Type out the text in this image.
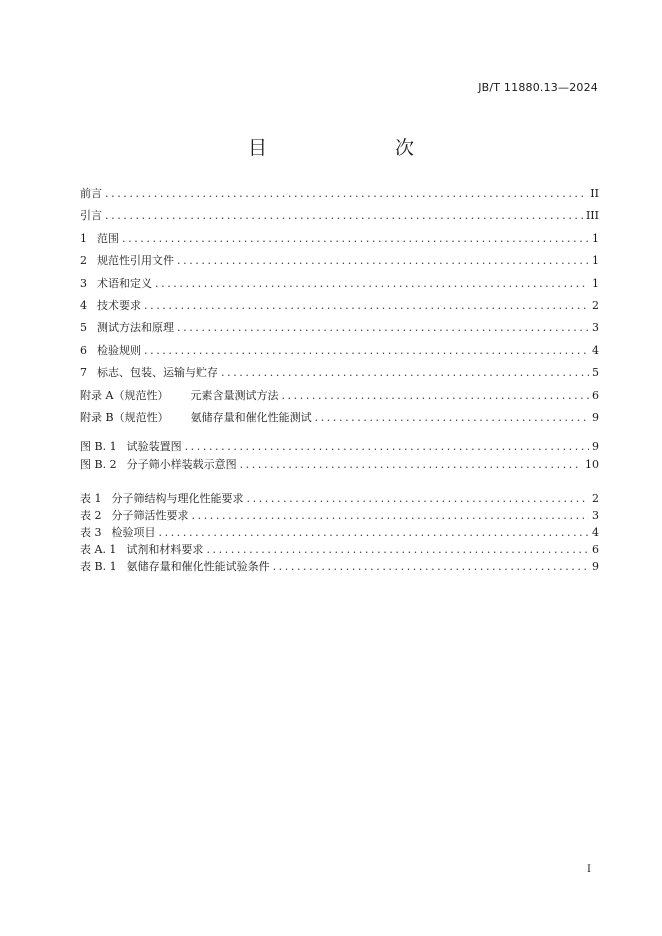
JB/T 11880.13—2024
目　　次
前言 .....	II
引言 .....	III
1 范围 .....	1
2 规范性引用文件 .....	1
3 术语和定义 .....	1
4 技术要求 .....	2
5 测试方法和原理 .....	3
6 检验规则 .....	4
7 标志、包装、运输与贮存 .....	5
附录 A（规范性） 元素含量测试方法 .....	6
附录 B（规范性） 氨储存量和催化性能测试 .....	9
图 B. 1 试验装置图 .....	9
图 B. 2 分子筛小样装载示意图 .....	10
表 1 分子筛结构与理化性能要求 .....	2
表 2 分子筛活性要求 .....	3
表 3 检验项目 .....	4
表 A. 1 试剂和材料要求 .....	6
表 B. 1 氨储存量和催化性能试验条件 .....	9
I
